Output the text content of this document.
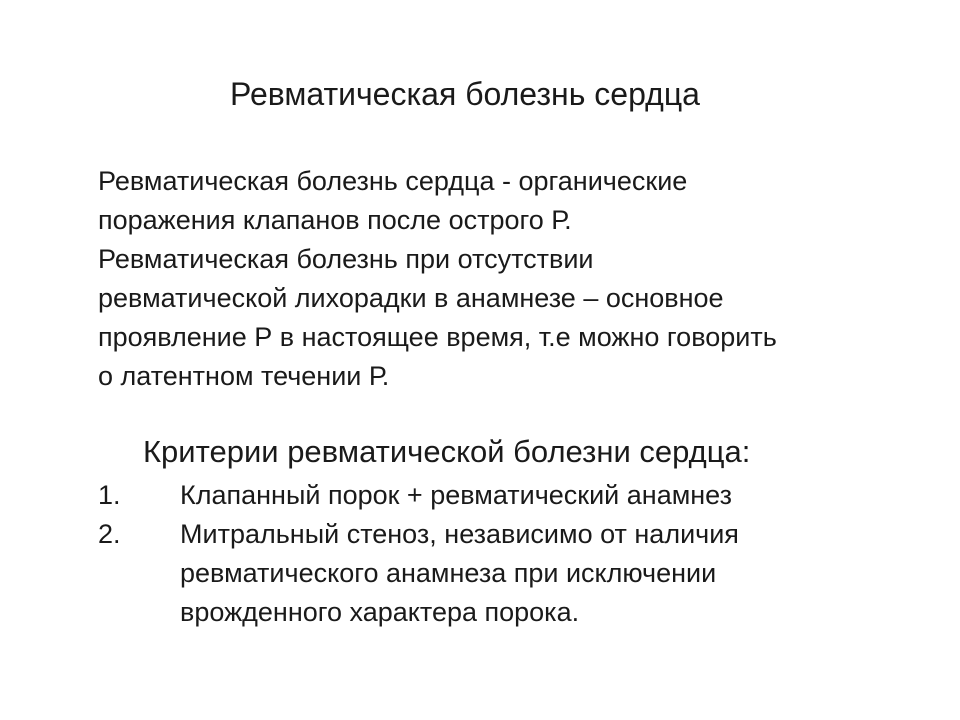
Ревматическая болезнь сердца
Ревматическая болезнь сердца - органические
поражения клапанов после острого Р.
Ревматическая болезнь при отсутствии
ревматической лихорадки в анамнезе – основное
проявление Р в настоящее время, т.е можно говорить
о латентном течении Р.
Критерии ревматической болезни сердца:
1.	Клапанный порок + ревматический анамнез
2.	Митральный стеноз, независимо от наличия
ревматического анамнеза при исключении
врожденного характера порока.
